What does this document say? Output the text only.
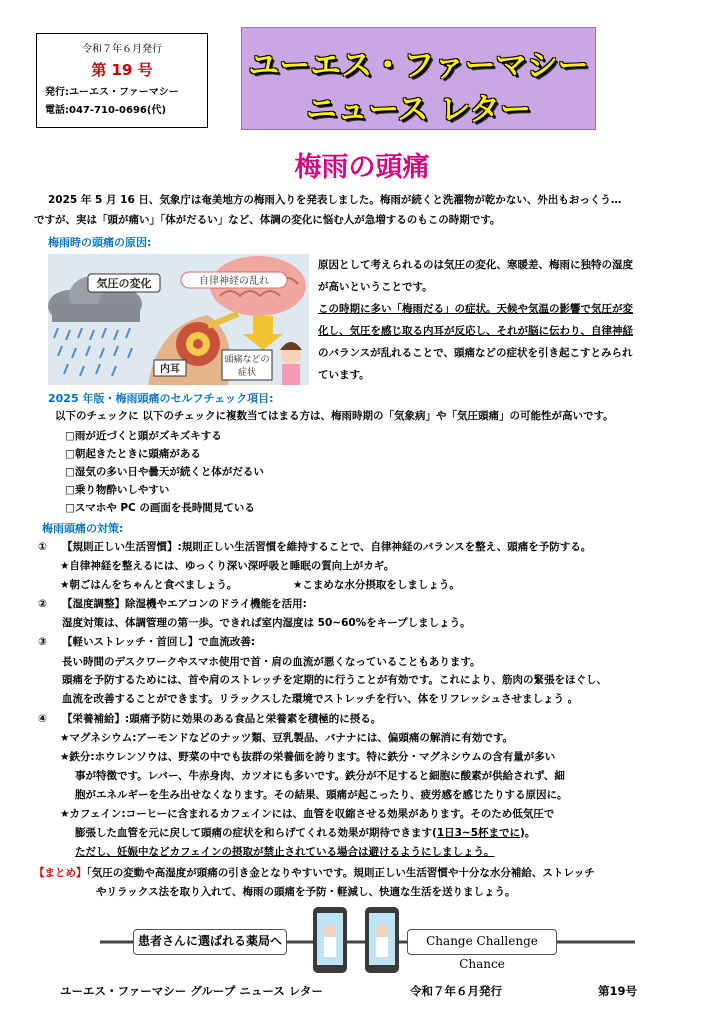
令和７年６月発行
第 19 号
発行:ユーエス・ファーマシー
電話:047-710-0696(代)
ユーエス・ファーマシー
ニュース レター
梅雨の頭痛
2025 年 5 月 16 日、気象庁は奄美地方の梅雨入りを発表しました。梅雨が続くと洗濯物が乾かない、外出もおっくう…
ですが、実は「頭が痛い」「体がだるい」など、体調の変化に悩む人が急増するのもこの時期です。
梅雨時の頭痛の原因:
気圧の変化	自律神経の乱れ
内耳
頭痛などの
症状
原因として考えられるのは気圧の変化、寒暖差、梅雨に独特の湿度
が高いということです。
この時期に多い「梅雨だる」の症状。天候や気温の影響で気圧が変
化し、気圧を感じ取る内耳が反応し、それが脳に伝わり、自律神経
のバランスが乱れることで、頭痛などの症状を引き起こすとみられ
ています。
2025 年版・梅雨頭痛のセルフチェック項目:
以下のチェックに 以下のチェックに複数当てはまる方は、梅雨時期の「気象病」や「気圧頭痛」の可能性が高いです。
□雨が近づくと頭がズキズキする
□朝起きたときに頭痛がある
□湿気の多い日や曇天が続くと体がだるい
□乗り物酔いしやすい
□スマホや PC の画面を長時間見ている
梅雨頭痛の対策:
① 【規則正しい生活習慣】:規則正しい生活習慣を維持することで、自律神経のバランスを整え、頭痛を予防する。
★自律神経を整えるには、ゆっくり深い深呼吸と睡眠の質向上がカギ。
★朝ごはんをちゃんと食べましょう。	★こまめな水分摂取をしましょう。
② 【湿度調整】除湿機やエアコンのドライ機能を活用:
湿度対策は、体調管理の第一歩。できれば室内湿度は 50~60%をキープしましょう。
③ 【軽いストレッチ・首回し】で血流改善:
長い時間のデスクワークやスマホ使用で首・肩の血流が悪くなっていることもあります。
頭痛を予防するためには、首や肩のストレッチを定期的に行うことが有効です。これにより、筋肉の緊張をほぐし、
血流を改善することができます。リラックスした環境でストレッチを行い、体をリフレッシュさせましょう 。
④ 【栄養補給】:頭痛予防に効果のある食品と栄養素を積極的に摂る。
★マグネシウム:アーモンドなどのナッツ類、豆乳製品、バナナには、偏頭痛の解消に有効です。
★鉄分:ホウレンソウは、野菜の中でも抜群の栄養価を誇ります。特に鉄分・マグネシウムの含有量が多い
事が特徴です。レバー、牛赤身肉、カツオにも多いです。鉄分が不足すると細胞に酸素が供給されず、細
胞がエネルギーを生み出せなくなります。その結果、頭痛が起こったり、疲労感を感じたりする原因に。
★カフェイン:コーヒーに含まれるカフェインには、血管を収縮させる効果があります。そのため低気圧で
膨張した血管を元に戻して頭痛の症状を和らげてくれる効果が期待できます(1日3~5杯までに)。
ただし、妊娠中などカフェインの摂取が禁止されている場合は避けるようにしましょう。
【まとめ】「気圧の変動や高湿度が頭痛の引き金となりやすいです。規則正しい生活習慣や十分な水分補給、ストレッチ
やリラックス法を取り入れて、梅雨の頭痛を予防・軽減し、快適な生活を送りましょう。
患者さんに選ばれる薬局へ	Change Challenge Chance
ユーエス・ファーマシー グループ ニュース レター	令和７年６月発行	第19号
